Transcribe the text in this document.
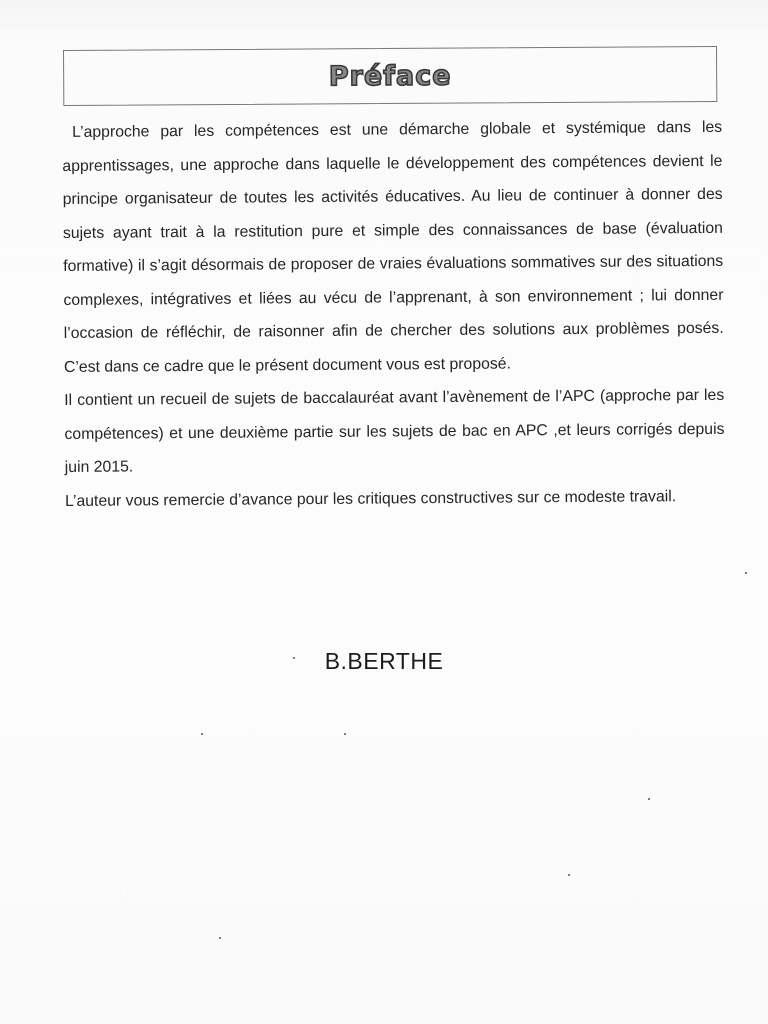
Préface

L’approche par les compétences est une démarche globale et systémique dans les apprentissages, une approche dans laquelle le développement des compétences devient le principe organisateur de toutes les activités éducatives. Au lieu de continuer à donner des sujets ayant trait à la restitution pure et simple des connaissances de base (évaluation formative) il s’agit désormais de proposer de vraies évaluations sommatives sur des situations complexes, intégratives et liées au vécu de l’apprenant, à son environnement ; lui donner l’occasion de réfléchir, de raisonner afin de chercher des solutions aux problèmes posés. C’est dans ce cadre que le présent document vous est proposé.

Il contient un recueil de sujets de baccalauréat avant l’avènement de l’APC (approche par les compétences) et une deuxième partie sur les sujets de bac en APC ,et leurs corrigés depuis juin 2015.

L’auteur vous remercie d’avance pour les critiques constructives sur ce modeste travail.

B.BERTHE
